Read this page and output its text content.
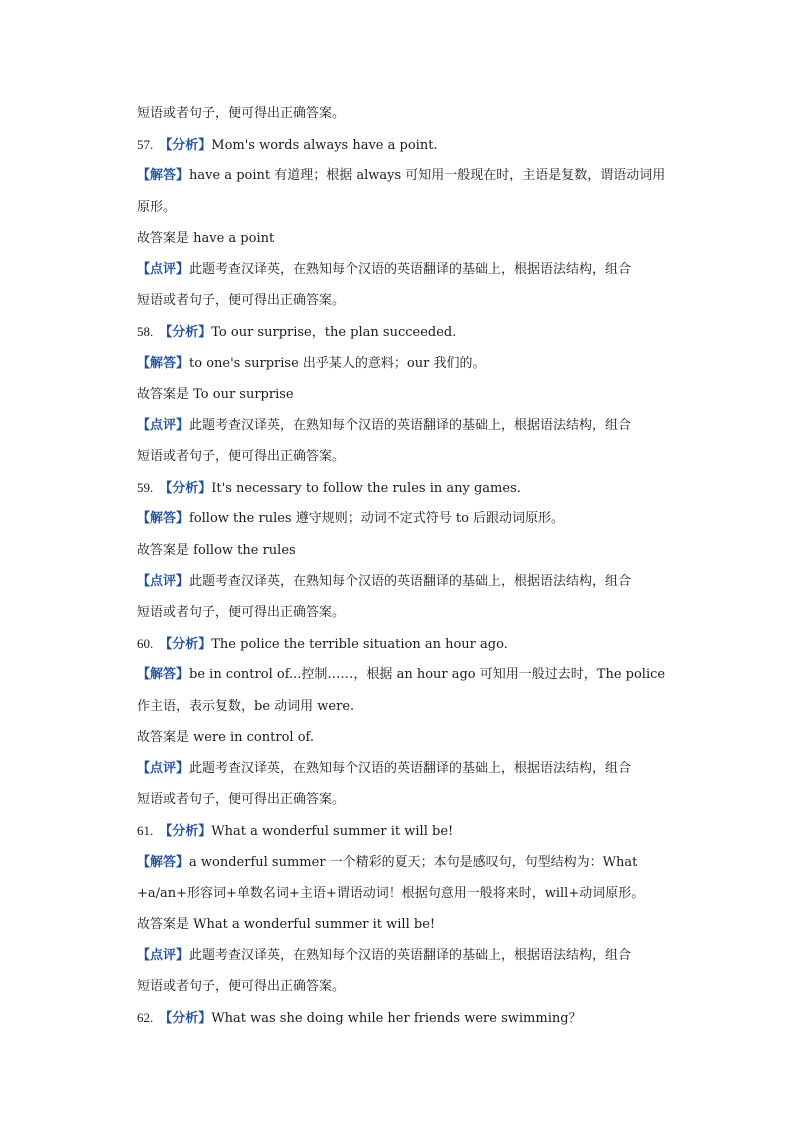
短语或者句子，便可得出正确答案。
57. 【分析】Mom's words always have a point.
【解答】have a point 有道理；根据 always 可知用一般现在时，主语是复数，谓语动词用
原形。
故答案是 have a point
【点评】此题考查汉译英，在熟知每个汉语的英语翻译的基础上，根据语法结构，组合
短语或者句子，便可得出正确答案。
58. 【分析】To our surprise，the plan succeeded.
【解答】to one's surprise 出乎某人的意料；our 我们的。
故答案是 To our surprise
【点评】此题考查汉译英，在熟知每个汉语的英语翻译的基础上，根据语法结构，组合
短语或者句子，便可得出正确答案。
59. 【分析】It's necessary to follow the rules in any games.
【解答】follow the rules 遵守规则；动词不定式符号 to 后跟动词原形。
故答案是 follow the rules
【点评】此题考查汉译英，在熟知每个汉语的英语翻译的基础上，根据语法结构，组合
短语或者句子，便可得出正确答案。
60. 【分析】The police the terrible situation an hour ago.
【解答】be in control of...控制……，根据 an hour ago 可知用一般过去时，The police
作主语，表示复数，be 动词用 were.
故答案是 were in control of.
【点评】此题考查汉译英，在熟知每个汉语的英语翻译的基础上，根据语法结构，组合
短语或者句子，便可得出正确答案。
61. 【分析】What a wonderful summer it will be!
【解答】a wonderful summer 一个精彩的夏天；本句是感叹句，句型结构为：What
+a/an+形容词+单数名词+主语+谓语动词！根据句意用一般将来时，will+动词原形。
故答案是 What a wonderful summer it will be!
【点评】此题考查汉译英，在熟知每个汉语的英语翻译的基础上，根据语法结构，组合
短语或者句子，便可得出正确答案。
62. 【分析】What was she doing while her friends were swimming？
